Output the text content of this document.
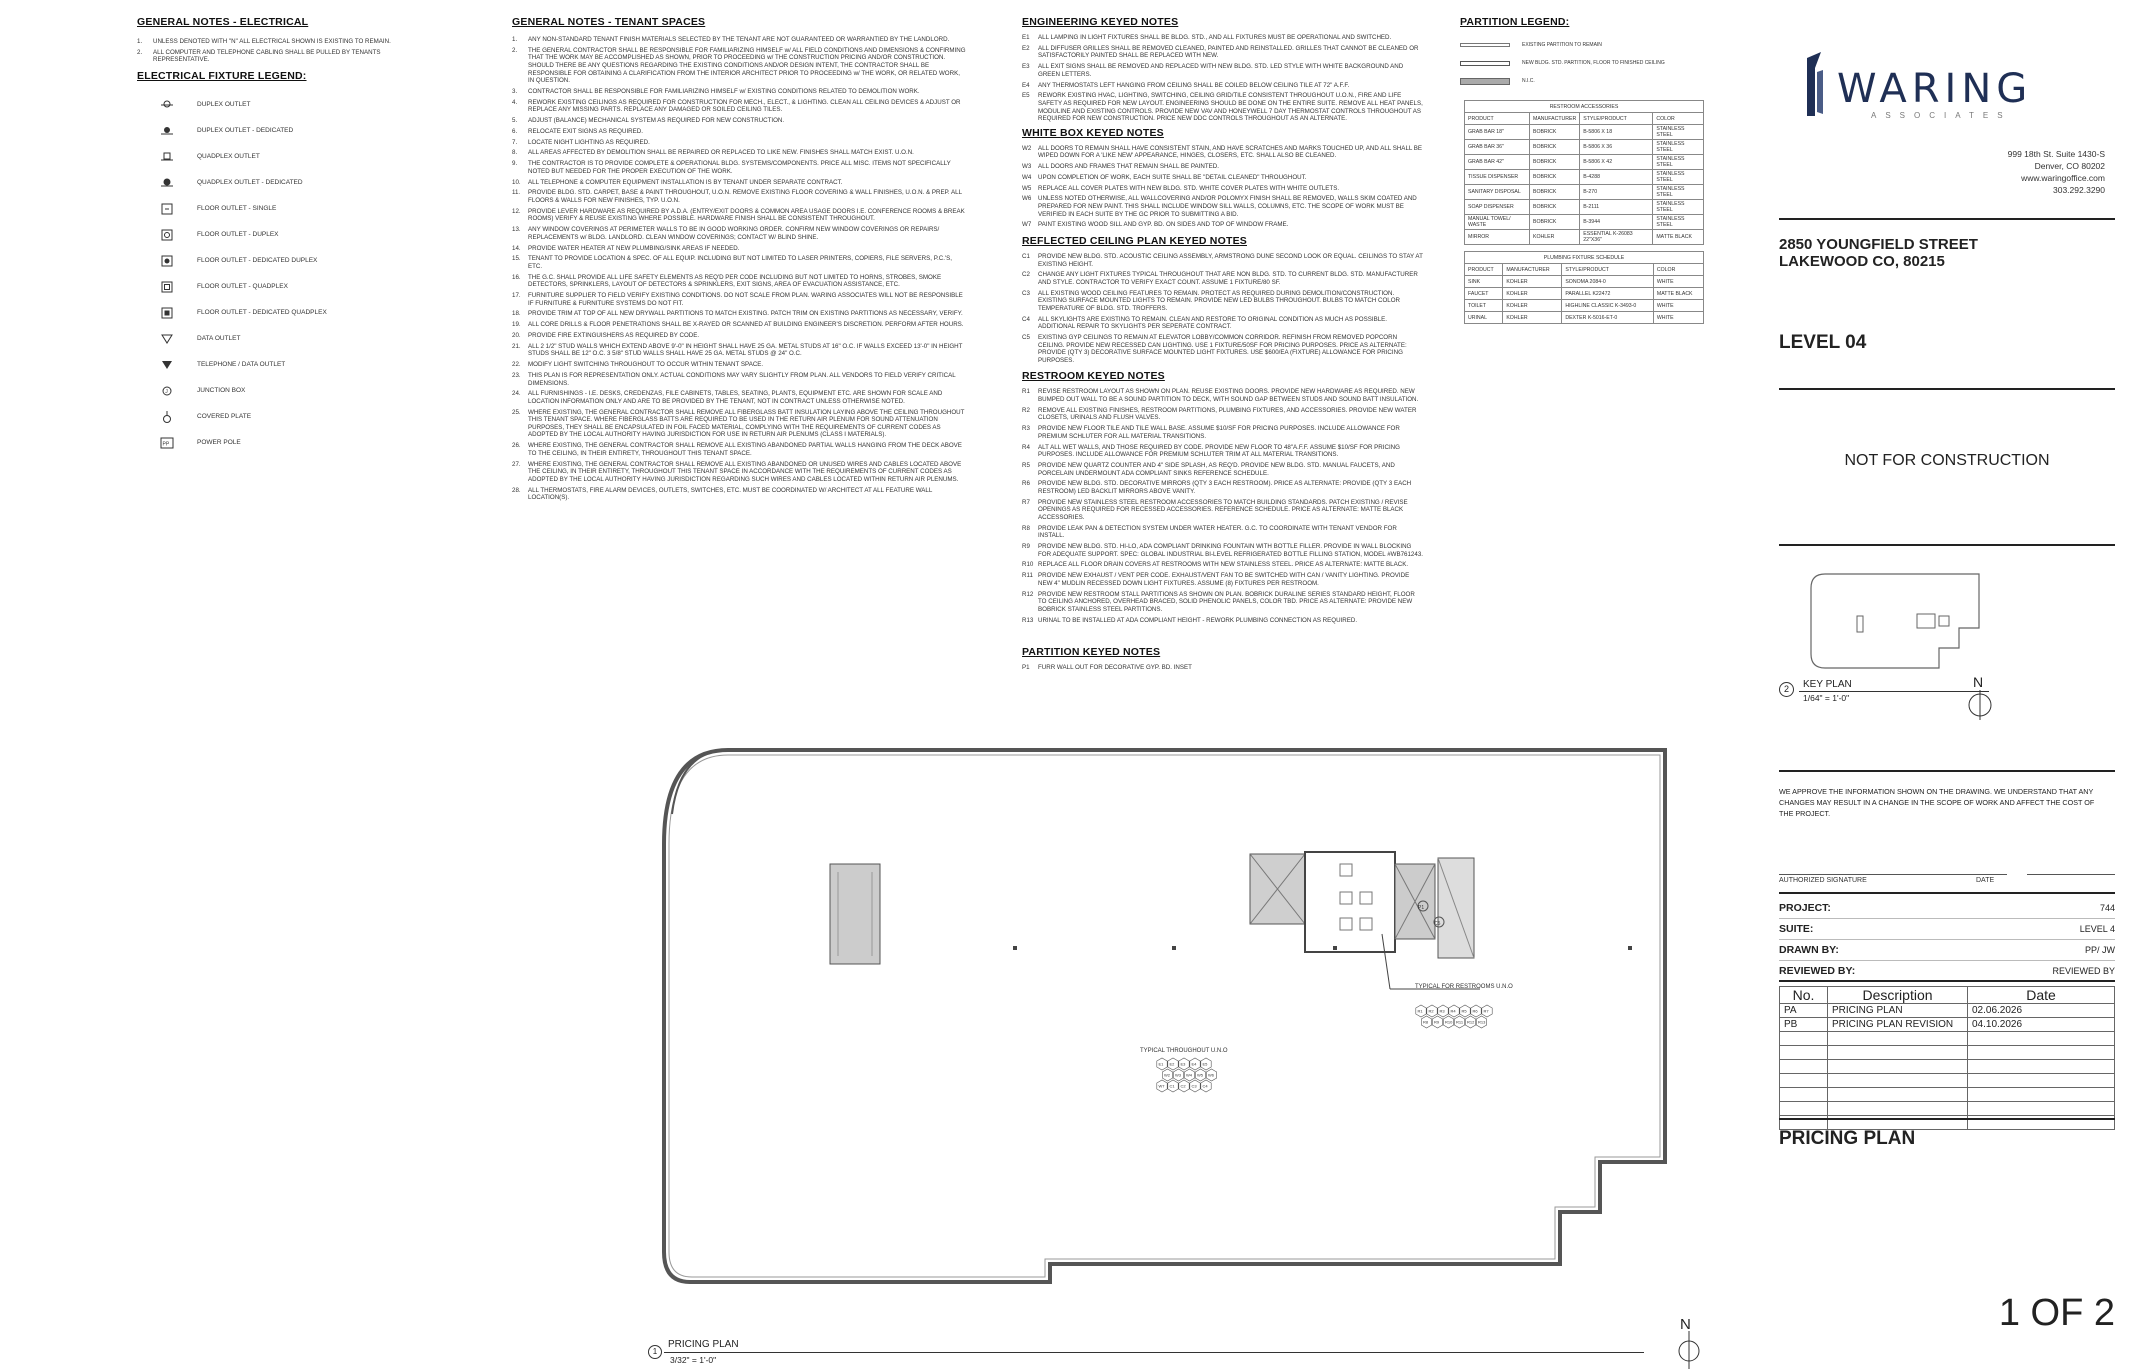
GENERAL NOTES - ELECTRICAL
1.	UNLESS DENOTED WITH "N" ALL ELECTRICAL SHOWN IS EXISTING TO REMAIN.
2.	ALL COMPUTER AND TELEPHONE CABLING SHALL BE PULLED BY TENANTS REPRESENTATIVE.
ELECTRICAL FIXTURE LEGEND:
DUPLEX OUTLET
DUPLEX OUTLET - DEDICATED
QUADPLEX OUTLET
QUADPLEX OUTLET - DEDICATED
FLOOR OUTLET - SINGLE
FLOOR OUTLET - DUPLEX
FLOOR OUTLET - DEDICATED DUPLEX
FLOOR OUTLET - QUADPLEX
FLOOR OUTLET - DEDICATED QUADPLEX
DATA OUTLET
TELEPHONE / DATA OUTLET
J	JUNCTION BOX
COVERED PLATE
PP	POWER POLE
GENERAL NOTES - TENANT SPACES
1.	ANY NON-STANDARD TENANT FINISH MATERIALS SELECTED BY THE TENANT ARE NOT GUARANTEED OR WARRANTIED BY THE LANDLORD.
2.	THE GENERAL CONTRACTOR SHALL BE RESPONSIBLE FOR FAMILIARIZING HIMSELF w/ ALL FIELD CONDITIONS AND DIMENSIONS & CONFIRMING THAT THE WORK MAY BE ACCOMPLISHED AS SHOWN, PRIOR TO PROCEEDING w/ THE CONSTRUCTION PRICING AND/OR CONSTRUCTION. SHOULD THERE BE ANY QUESTIONS REGARDING THE EXISTING CONDITIONS AND/OR DESIGN INTENT, THE CONTRACTOR SHALL BE RESPONSIBLE FOR OBTAINING A CLARIFICATION FROM THE INTERIOR ARCHITECT PRIOR TO PROCEEDING w/ THE WORK, OR RELATED WORK, IN QUESTION.
3.	CONTRACTOR SHALL BE RESPONSIBLE FOR FAMILIARIZING HIMSELF w/ EXISTING CONDITIONS RELATED TO DEMOLITION WORK.
4.	REWORK EXISTING CEILINGS AS REQUIRED FOR CONSTRUCTION FOR MECH., ELECT., & LIGHTING. CLEAN ALL CEILING DEVICES & ADJUST OR REPLACE ANY MISSING PARTS. REPLACE ANY DAMAGED OR SOILED CEILING TILES.
5.	ADJUST (BALANCE) MECHANICAL SYSTEM AS REQUIRED FOR NEW CONSTRUCTION.
6.	RELOCATE EXIT SIGNS AS REQUIRED.
7.	LOCATE NIGHT LIGHTING AS REQUIRED.
8.	ALL AREAS AFFECTED BY DEMOLITION SHALL BE REPAIRED OR REPLACED TO LIKE NEW. FINISHES SHALL MATCH EXIST. U.O.N.
9.	THE CONTRACTOR IS TO PROVIDE COMPLETE & OPERATIONAL BLDG. SYSTEMS/COMPONENTS. PRICE ALL MISC. ITEMS NOT SPECIFICALLY NOTED BUT NEEDED FOR THE PROPER EXECUTION OF THE WORK.
10.	ALL TELEPHONE & COMPUTER EQUIPMENT INSTALLATION IS BY TENANT UNDER SEPARATE CONTRACT.
11.	PROVIDE BLDG. STD. CARPET, BASE & PAINT THROUGHOUT, U.O.N. REMOVE EXISTING FLOOR COVERING & WALL FINISHES, U.O.N. & PREP. ALL FLOORS & WALLS FOR NEW FINISHES, TYP. U.O.N.
12.	PROVIDE LEVER HARDWARE AS REQUIRED BY A.D.A. (ENTRY/EXIT DOORS & COMMON AREA USAGE DOORS I.E. CONFERENCE ROOMS & BREAK ROOMS) VERIFY & REUSE EXISTING WHERE POSSIBLE. HARDWARE FINISH SHALL BE CONSISTENT THROUGHOUT.
13.	ANY WINDOW COVERINGS AT PERIMETER WALLS TO BE IN GOOD WORKING ORDER. CONFIRM NEW WINDOW COVERINGS OR REPAIRS/ REPLACEMENTS w/ BLDG. LANDLORD. CLEAN WINDOW COVERINGS; CONTACT W/ BLIND SHINE.
14.	PROVIDE WATER HEATER AT NEW PLUMBING/SINK AREAS IF NEEDED.
15.	TENANT TO PROVIDE LOCATION & SPEC. OF ALL EQUIP. INCLUDING BUT NOT LIMITED TO LASER PRINTERS, COPIERS, FILE SERVERS, P.C.'S, ETC.
16.	THE G.C. SHALL PROVIDE ALL LIFE SAFETY ELEMENTS AS REQ'D PER CODE INCLUDING BUT NOT LIMITED TO HORNS, STROBES, SMOKE DETECTORS, SPRINKLERS, LAYOUT OF DETECTORS & SPRINKLERS, EXIT SIGNS, AREA OF EVACUATION ASSISTANCE, ETC.
17.	FURNITURE SUPPLIER TO FIELD VERIFY EXISTING CONDITIONS. DO NOT SCALE FROM PLAN. WARING ASSOCIATES WILL NOT BE RESPONSIBLE IF FURNITURE & FURNITURE SYSTEMS DO NOT FIT.
18.	PROVIDE TRIM AT TOP OF ALL NEW DRYWALL PARTITIONS TO MATCH EXISTING. PATCH TRIM ON EXISTING PARTITIONS AS NECESSARY, VERIFY.
19.	ALL CORE DRILLS & FLOOR PENETRATIONS SHALL BE X-RAYED OR SCANNED AT BUILDING ENGINEER'S DISCRETION. PERFORM AFTER HOURS.
20.	PROVIDE FIRE EXTINGUISHERS AS REQUIRED BY CODE.
21.	ALL 2 1/2" STUD WALLS WHICH EXTEND ABOVE 9'-0" IN HEIGHT SHALL HAVE 25 GA. METAL STUDS AT 16" O.C. IF WALLS EXCEED 13'-0" IN HEIGHT STUDS SHALL BE 12" O.C. 3 5/8" STUD WALLS SHALL HAVE 25 GA. METAL STUDS @ 24" O.C.
22.	MODIFY LIGHT SWITCHING THROUGHOUT TO OCCUR WITHIN TENANT SPACE.
23.	THIS PLAN IS FOR REPRESENTATION ONLY. ACTUAL CONDITIONS MAY VARY SLIGHTLY FROM PLAN. ALL VENDORS TO FIELD VERIFY CRITICAL DIMENSIONS.
24.	ALL FURNISHINGS - I.E. DESKS, CREDENZAS, FILE CABINETS, TABLES, SEATING, PLANTS, EQUIPMENT ETC. ARE SHOWN FOR SCALE AND LOCATION INFORMATION ONLY AND ARE TO BE PROVIDED BY THE TENANT, NOT IN CONTRACT UNLESS OTHERWISE NOTED.
25.	WHERE EXISTING, THE GENERAL CONTRACTOR SHALL REMOVE ALL FIBERGLASS BATT INSULATION LAYING ABOVE THE CEILING THROUGHOUT THIS TENANT SPACE. WHERE FIBERGLASS BATTS ARE REQUIRED TO BE USED IN THE RETURN AIR PLENUM FOR SOUND ATTENUATION PURPOSES, THEY SHALL BE ENCAPSULATED IN FOIL FACED MATERIAL, COMPLYING WITH THE REQUIREMENTS OF CURRENT CODES AS ADOPTED BY THE LOCAL AUTHORITY HAVING JURISDICTION FOR USE IN RETURN AIR PLENUMS (CLASS I MATERIALS).
26.	WHERE EXISTING, THE GENERAL CONTRACTOR SHALL REMOVE ALL EXISTING ABANDONED PARTIAL WALLS HANGING FROM THE DECK ABOVE TO THE CEILING, IN THEIR ENTIRETY, THROUGHOUT THIS TENANT SPACE.
27.	WHERE EXISTING, THE GENERAL CONTRACTOR SHALL REMOVE ALL EXISTING ABANDONED OR UNUSED WIRES AND CABLES LOCATED ABOVE THE CEILING, IN THEIR ENTIRETY, THROUGHOUT THIS TENANT SPACE IN ACCORDANCE WITH THE REQUIREMENTS OF CURRENT CODES AS ADOPTED BY THE LOCAL AUTHORITY HAVING JURISDICTION REGARDING SUCH WIRES AND CABLES LOCATED WITHIN RETURN AIR PLENUMS.
28.	ALL THERMOSTATS, FIRE ALARM DEVICES, OUTLETS, SWITCHES, ETC. MUST BE COORDINATED W/ ARCHITECT AT ALL FEATURE WALL LOCATION(S).
ENGINEERING KEYED NOTES
E1	ALL LAMPING IN LIGHT FIXTURES SHALL BE BLDG. STD., AND ALL FIXTURES MUST BE OPERATIONAL AND SWITCHED.
E2	ALL DIFFUSER GRILLES SHALL BE REMOVED CLEANED, PAINTED AND REINSTALLED. GRILLES THAT CANNOT BE CLEANED OR SATISFACTORILY PAINTED SHALL BE REPLACED WITH NEW.
E3	ALL EXIT SIGNS SHALL BE REMOVED AND REPLACED WITH NEW BLDG. STD. LED STYLE WITH WHITE BACKGROUND AND GREEN LETTERS.
E4	ANY THERMOSTATS LEFT HANGING FROM CEILING SHALL BE COILED BELOW CEILING TILE AT 72" A.F.F.
E5	REWORK EXISTING HVAC, LIGHTING, SWITCHING, CEILING GRID/TILE CONSISTENT THROUGHOUT U.O.N., FIRE AND LIFE SAFETY AS REQUIRED FOR NEW LAYOUT. ENGINEERING SHOULD BE DONE ON THE ENTIRE SUITE. REMOVE ALL HEAT PANELS, MODULINE AND EXISTING CONTROLS. PROVIDE NEW VAV AND HONEYWELL 7 DAY THERMOSTAT CONTROLS THROUGHOUT AS REQUIRED FOR NEW CONSTRUCTION. PRICE NEW DDC CONTROLS THROUGHOUT AS AN ALTERNATE.
WHITE BOX KEYED NOTES
W2	ALL DOORS TO REMAIN SHALL HAVE CONSISTENT STAIN, AND HAVE SCRATCHES AND MARKS TOUCHED UP, AND ALL SHALL BE WIPED DOWN FOR A 'LIKE NEW' APPEARANCE, HINGES, CLOSERS, ETC. SHALL ALSO BE CLEANED.
W3	ALL DOORS AND FRAMES THAT REMAIN SHALL BE PAINTED.
W4	UPON COMPLETION OF WORK, EACH SUITE SHALL BE "DETAIL CLEANED" THROUGHOUT.
W5	REPLACE ALL COVER PLATES WITH NEW BLDG. STD. WHITE COVER PLATES WITH WHITE OUTLETS.
W6	UNLESS NOTED OTHERWISE, ALL WALLCOVERING AND/OR POLOMYX FINISH SHALL BE REMOVED, WALLS SKIM COATED AND PREPARED FOR NEW PAINT. THIS SHALL INCLUDE WINDOW SILL WALLS, COLUMNS, ETC. THE SCOPE OF WORK MUST BE VERIFIED IN EACH SUITE BY THE GC PRIOR TO SUBMITTING A BID.
W7	PAINT EXISTING WOOD SILL AND GYP. BD. ON SIDES AND TOP OF WINDOW FRAME.
REFLECTED CEILING PLAN KEYED NOTES
C1	PROVIDE NEW BLDG. STD. ACOUSTIC CEILING ASSEMBLY, ARMSTRONG DUNE SECOND LOOK OR EQUAL. CEILINGS TO STAY AT EXISTING HEIGHT.
C2	CHANGE ANY LIGHT FIXTURES TYPICAL THROUGHOUT THAT ARE NON BLDG. STD. TO CURRENT BLDG. STD. MANUFACTURER AND STYLE. CONTRACTOR TO VERIFY EXACT COUNT. ASSUME 1 FIXTURE/80 SF.
C3	ALL EXISTING WOOD CEILING FEATURES TO REMAIN. PROTECT AS REQUIRED DURING DEMOLITION/CONSTRUCTION. EXISTING SURFACE MOUNTED LIGHTS TO REMAIN. PROVIDE NEW LED BULBS THROUGHOUT. BULBS TO MATCH COLOR TEMPERATURE OF BLDG. STD. TROFFERS.
C4	ALL SKYLIGHTS ARE EXISTING TO REMAIN. CLEAN AND RESTORE TO ORIGINAL CONDITION AS MUCH AS POSSIBLE. ADDITIONAL REPAIR TO SKYLIGHTS PER SEPERATE CONTRACT.
C5	EXISTING GYP CEILINGS TO REMAIN AT ELEVATOR LOBBY/COMMON CORRIDOR. REFINISH FROM REMOVED POPCORN CEILING. PROVIDE NEW RECESSED CAN LIGHTING. USE 1 FIXTURE/50SF FOR PRICING PURPOSES. PRICE AS ALTERNATE: PROVIDE (QTY 3) DECORATIVE SURFACE MOUNTED LIGHT FIXTURES. USE $600/EA (FIXTURE) ALLOWANCE FOR PRICING PURPOSES.
RESTROOM KEYED NOTES
R1	REVISE RESTROOM LAYOUT AS SHOWN ON PLAN. REUSE EXISTING DOORS. PROVIDE NEW HARDWARE AS REQUIRED. NEW BUMPED OUT WALL TO BE A SOUND PARTITION TO DECK, WITH SOUND GAP BETWEEN STUDS AND SOUND BATT INSULATION.
R2	REMOVE ALL EXISTING FINISHES, RESTROOM PARTITIONS, PLUMBING FIXTURES, AND ACCESSORIES. PROVIDE NEW WATER CLOSETS, URINALS AND FLUSH VALVES.
R3	PROVIDE NEW FLOOR TILE AND TILE WALL BASE. ASSUME $10/SF FOR PRICING PURPOSES. INCLUDE ALLOWANCE FOR PREMIUM SCHLUTER FOR ALL MATERIAL TRANSITIONS.
R4	ALT ALL WET WALLS, AND THOSE REQUIRED BY CODE. PROVIDE NEW FLOOR TO 48"A.F.F. ASSUME $10/SF FOR PRICING PURPOSES. INCLUDE ALLOWANCE FOR PREMIUM SCHLUTER TRIM AT ALL MATERIAL TRANSITIONS.
R5	PROVIDE NEW QUARTZ COUNTER AND 4" SIDE SPLASH, AS REQ'D. PROVIDE NEW BLDG. STD. MANUAL FAUCETS, AND PORCELAIN UNDERMOUNT ADA COMPLIANT SINKS REFERENCE SCHEDULE.
R6	PROVIDE NEW BLDG. STD. DECORATIVE MIRRORS (QTY 3 EACH RESTROOM). PRICE AS ALTERNATE: PROVIDE (QTY 3 EACH RESTROOM) LED BACKLIT MIRRORS ABOVE VANITY.
R7	PROVIDE NEW STAINLESS STEEL RESTROOM ACCESSORIES TO MATCH BUILDING STANDARDS. PATCH EXISTING / REVISE OPENINGS AS REQUIRED FOR RECESSED ACCESSORIES. REFERENCE SCHEDULE. PRICE AS ALTERNATE: MATTE BLACK ACCESSORIES.
R8	PROVIDE LEAK PAN & DETECTION SYSTEM UNDER WATER HEATER. G.C. TO COORDINATE WITH TENANT VENDOR FOR INSTALL.
R9	PROVIDE NEW BLDG. STD. HI-LO, ADA COMPLIANT DRINKING FOUNTAIN WITH BOTTLE FILLER. PROVIDE IN WALL BLOCKING FOR ADEQUATE SUPPORT. SPEC: GLOBAL INDUSTRIAL BI-LEVEL REFRIGERATED BOTTLE FILLING STATION, MODEL #WB761243.
R10 REPLACE ALL FLOOR DRAIN COVERS AT RESTROOMS WITH NEW STAINLESS STEEL. PRICE AS ALTERNATE: MATTE BLACK.
R11 PROVIDE NEW EXHAUST / VENT PER CODE. EXHAUST/VENT FAN TO BE SWITCHED WITH CAN / VANITY LIGHTING. PROVIDE NEW 4" MUDLIN RECESSED DOWN LIGHT FIXTURES. ASSUME (8) FIXTURES PER RESTROOM.
R12 PROVIDE NEW RESTROOM STALL PARTITIONS AS SHOWN ON PLAN. BOBRICK DURALINE SERIES STANDARD HEIGHT, FLOOR TO CEILING ANCHORED, OVERHEAD BRACED, SOLID PHENOLIC PANELS, COLOR TBD. PRICE AS ALTERNATE: PROVIDE NEW BOBRICK STAINLESS STEEL PARTITIONS.
R13 URINAL TO BE INSTALLED AT ADA COMPLIANT HEIGHT - REWORK PLUMBING CONNECTION AS REQUIRED.
PARTITION KEYED NOTES
P1	FURR WALL OUT FOR DECORATIVE GYP. BD. INSET
PARTITION LEGEND:
EXISTING PARTITION TO REMAIN
NEW BLDG. STD. PARTITION, FLOOR TO FINISHED CEILING
N.I.C.
RESTROOM ACCESSORIES			
PRODUCT	MANUFACTURER	STYLE/PRODUCT	COLOR
GRAB BAR 18"	BOBRICK	B-5806 X 18	STAINLESS STEEL
GRAB BAR 36"	BOBRICK	B-5806 X 36	STAINLESS STEEL
GRAB BAR 42"	BOBRICK	B-5806 X 42	STAINLESS STEEL
TISSUE DISPENSER	BOBRICK	B-4288	STAINLESS STEEL
SANITARY DISPOSAL	BOBRICK	B-270	STAINLESS STEEL
SOAP DISPENSER	BOBRICK	B-2111	STAINLESS STEEL
MANUAL TOWEL/ WASTE	BOBRICK	B-3944	STAINLESS STEEL
MIRROR	KOHLER	ESSENTIAL K-26083 22"X36"	MATTE BLACK
PLUMBING FIXTURE SCHEDULE			
PRODUCT	MANUFACTURER	STYLE/PRODUCT	COLOR
SINK	KOHLER	SONOMA 2084-0	WHITE
FAUCET	KOHLER	PARALLEL K22472	MATTE BLACK
TOILET	KOHLER	HIGHLINE CLASSIC K-3493-0	WHITE
URINAL	KOHLER	DEXTER K-5016-ET-0	WHITE
WARING
ASSOCIATES
999 18th St. Suite 1430-S
Denver, CO 80202
www.waringoffice.com
303.292.3290
2850 YOUNGFIELD STREET
LAKEWOOD CO, 80215
LEVEL 04
NOT FOR CONSTRUCTION
2	KEY PLAN
1/64" = 1'-0"
N
WE APPROVE THE INFORMATION SHOWN ON THE DRAWING. WE UNDERSTAND THAT ANY CHANGES MAY RESULT IN A CHANGE IN THE SCOPE OF WORK AND AFFECT THE COST OF THE PROJECT.
AUTHORIZED SIGNATURE	DATE
PROJECT:	744
SUITE:	LEVEL 4
DRAWN BY:	PP/ JW
REVIEWED BY:	REVIEWED BY
No.	Description	Date
PA	PRICING PLAN	02.06.2026
PB	PRICING PLAN REVISION	04.10.2026

PRICING PLAN
1 OF 2
P1
C5
TYPICAL FOR RESTROOMS U.N.O
R1 R2 R3 R4 R5 R6 R7
R8 R9 R10 R11 R12 R13
TYPICAL THROUGHOUT U.N.O
E1 E2 E3 E4 E5
W2 W3 W4 W5 W6
W7 C1 C2 C3 C4
1
PRICING PLAN
3/32" = 1'-0"
N
